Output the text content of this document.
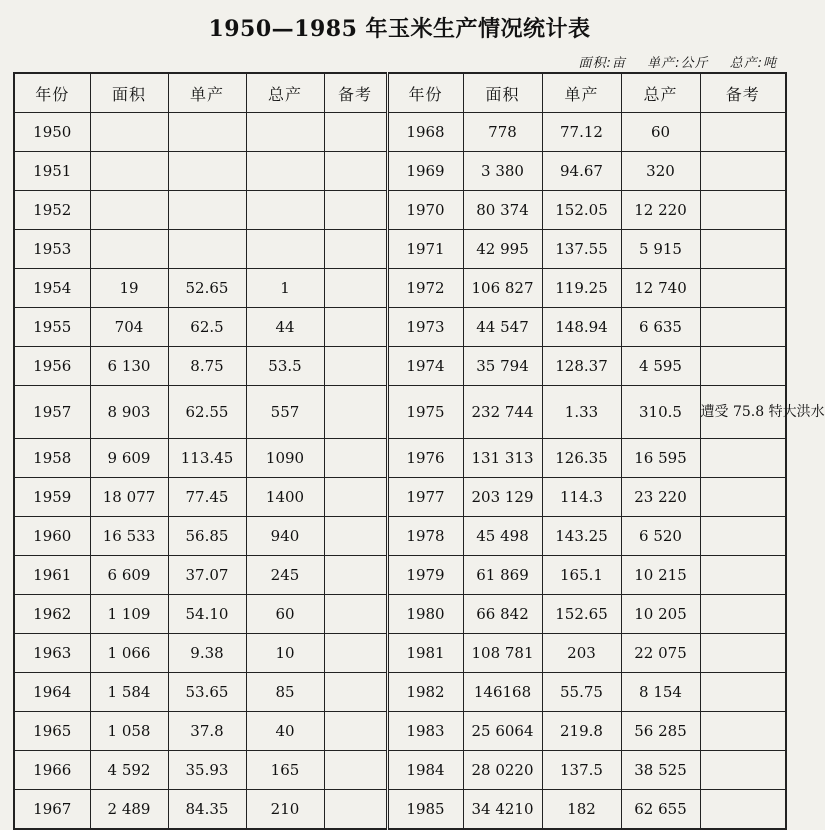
1950—1985 年玉米生产情况统计表
面积:亩 单产:公斤 总产:吨
年份	面积	单产	总产	备考	年份	面积	单产	总产	备考
1950					1968	778	77.12	60	
1951					1969	3 380	94.67	320	
1952					1970	80 374	152.05	12 220	
1953					1971	42 995	137.55	5 915	
1954	19	52.65	1		1972	106 827	119.25	12 740	
1955	704	62.5	44		1973	44 547	148.94	6 635	
1956	6 130	8.75	53.5		1974	35 794	128.37	4 595	
1957	8 903	62.55	557		1975	232 744	1.33	310.5	遭受 75.8 特大洪水
1958	9 609	113.45	1090		1976	131 313	126.35	16 595	
1959	18 077	77.45	1400		1977	203 129	114.3	23 220	
1960	16 533	56.85	940		1978	45 498	143.25	6 520	
1961	6 609	37.07	245		1979	61 869	165.1	10 215	
1962	1 109	54.10	60		1980	66 842	152.65	10 205	
1963	1 066	9.38	10		1981	108 781	203	22 075	
1964	1 584	53.65	85		1982	146168	55.75	8 154	
1965	1 058	37.8	40		1983	25 6064	219.8	56 285	
1966	4 592	35.93	165		1984	28 0220	137.5	38 525	
1967	2 489	84.35	210		1985	34 4210	182	62 655	
